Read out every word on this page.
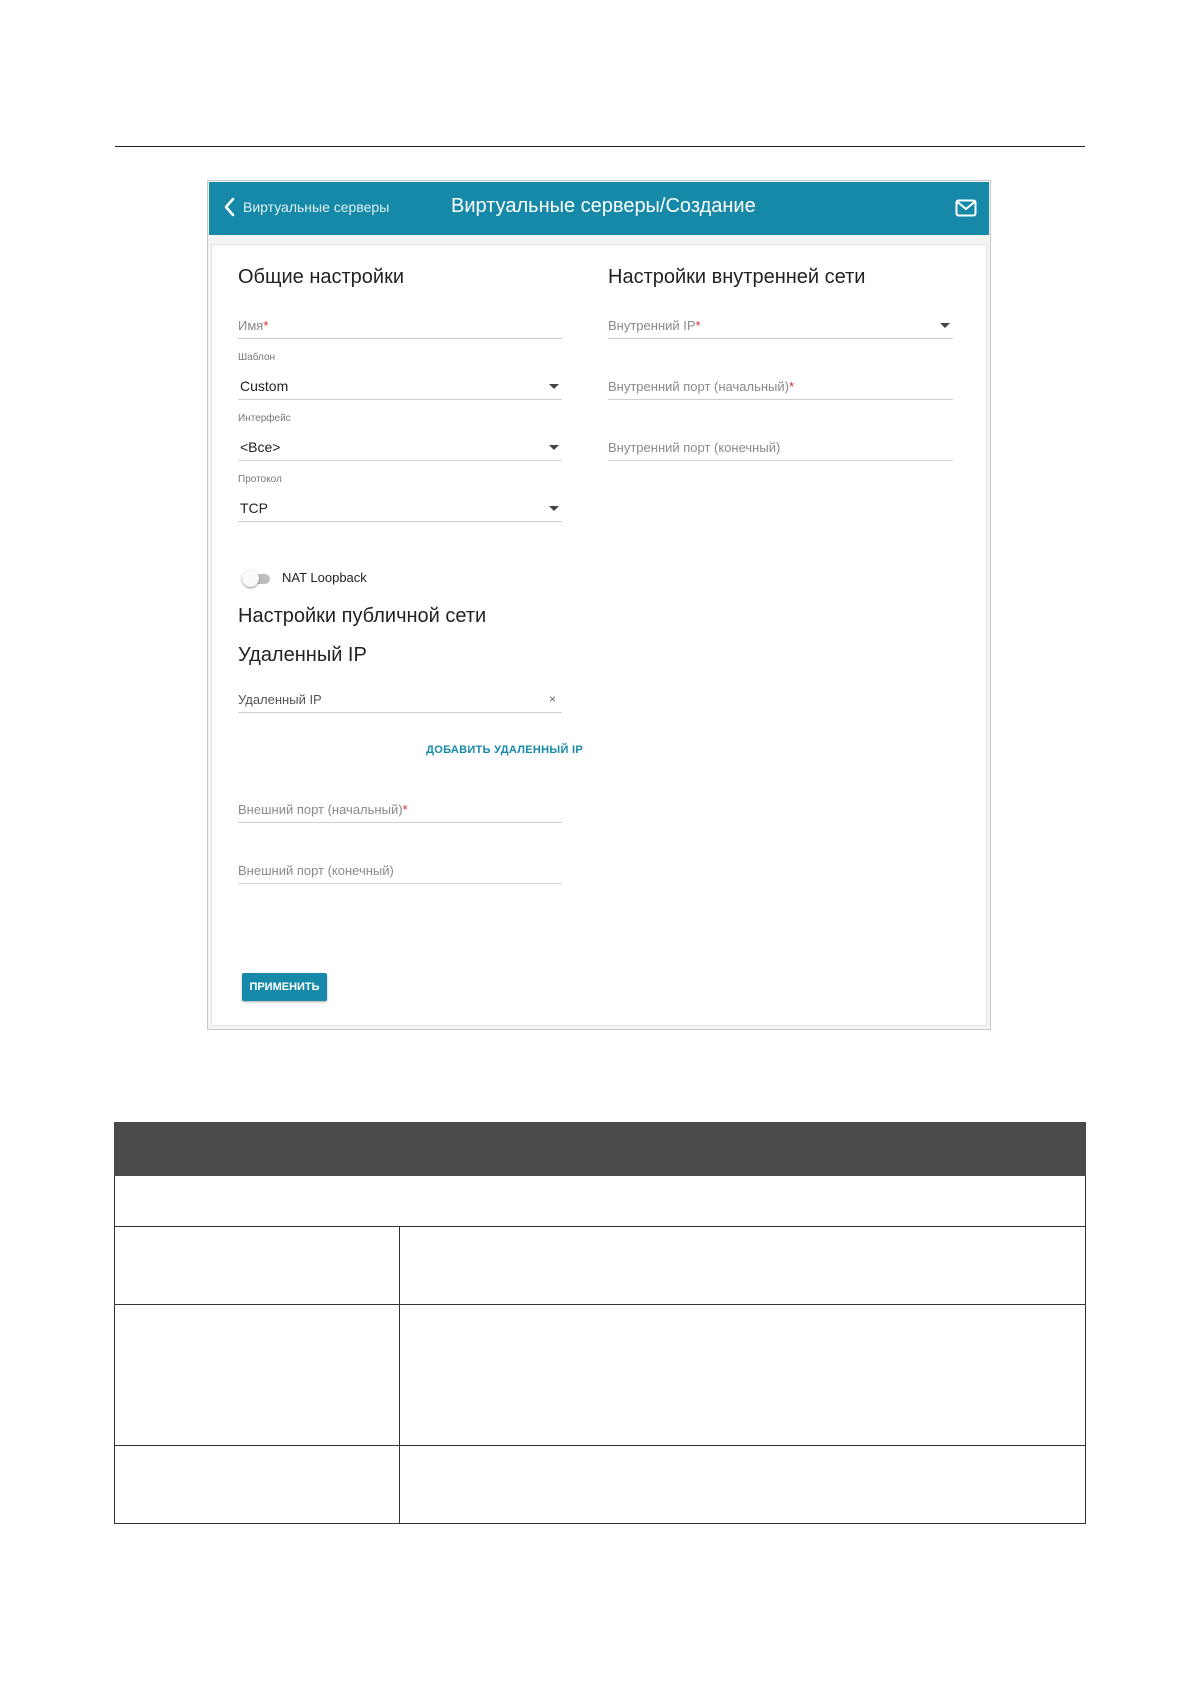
Виртуальные серверы	Виртуальные серверы/Создание
Общие настройки
Имя*
Шаблон
Custom
Интерфейс
<Все>
Протокол
TCP
NAT Loopback
Настройки публичной сети
Удаленный IP
Удаленный IP	×
ДОБАВИТЬ УДАЛЕННЫЙ IP
Внешний порт (начальный)*
Внешний порт (конечный)
ПРИМЕНИТЬ
Настройки внутренней сети
Внутренний IP*
Внутренний порт (начальный)*
Внутренний порт (конечный)
